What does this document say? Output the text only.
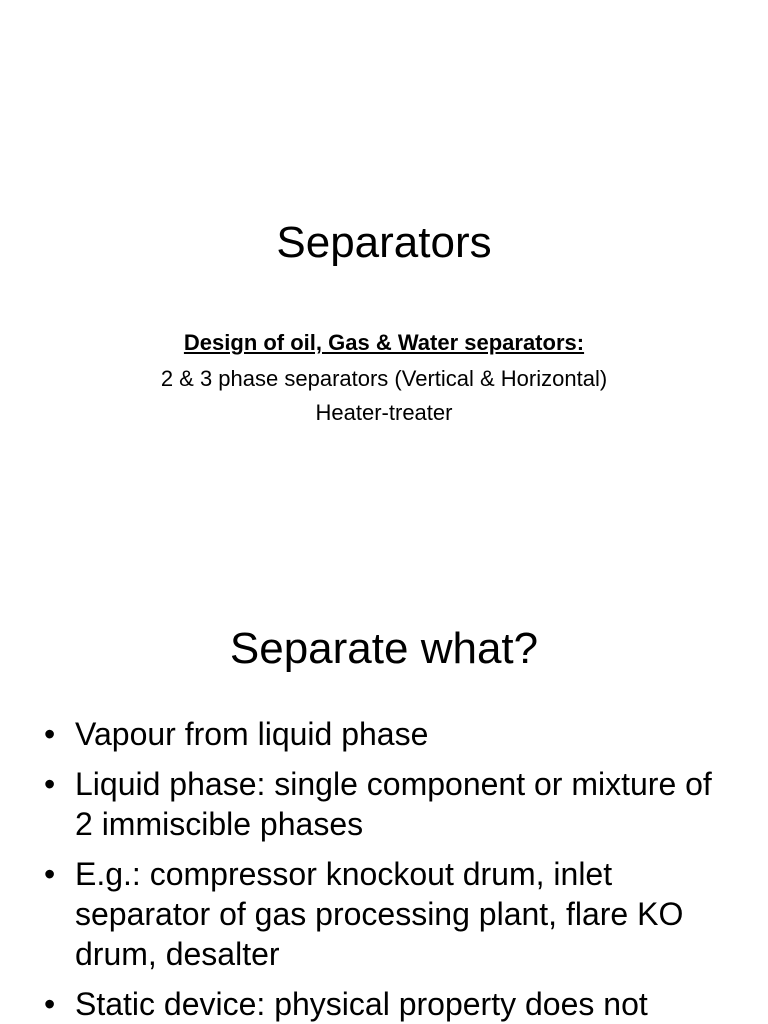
Separators
Design of oil, Gas & Water separators:
2 & 3 phase separators (Vertical & Horizontal)
Heater-treater
Separate what?
• Vapour from liquid phase
• Liquid phase: single component or mixture of 2 immiscible phases
• E.g.: compressor knockout drum, inlet separator of gas processing plant, flare KO drum, desalter
• Static device: physical property does not
